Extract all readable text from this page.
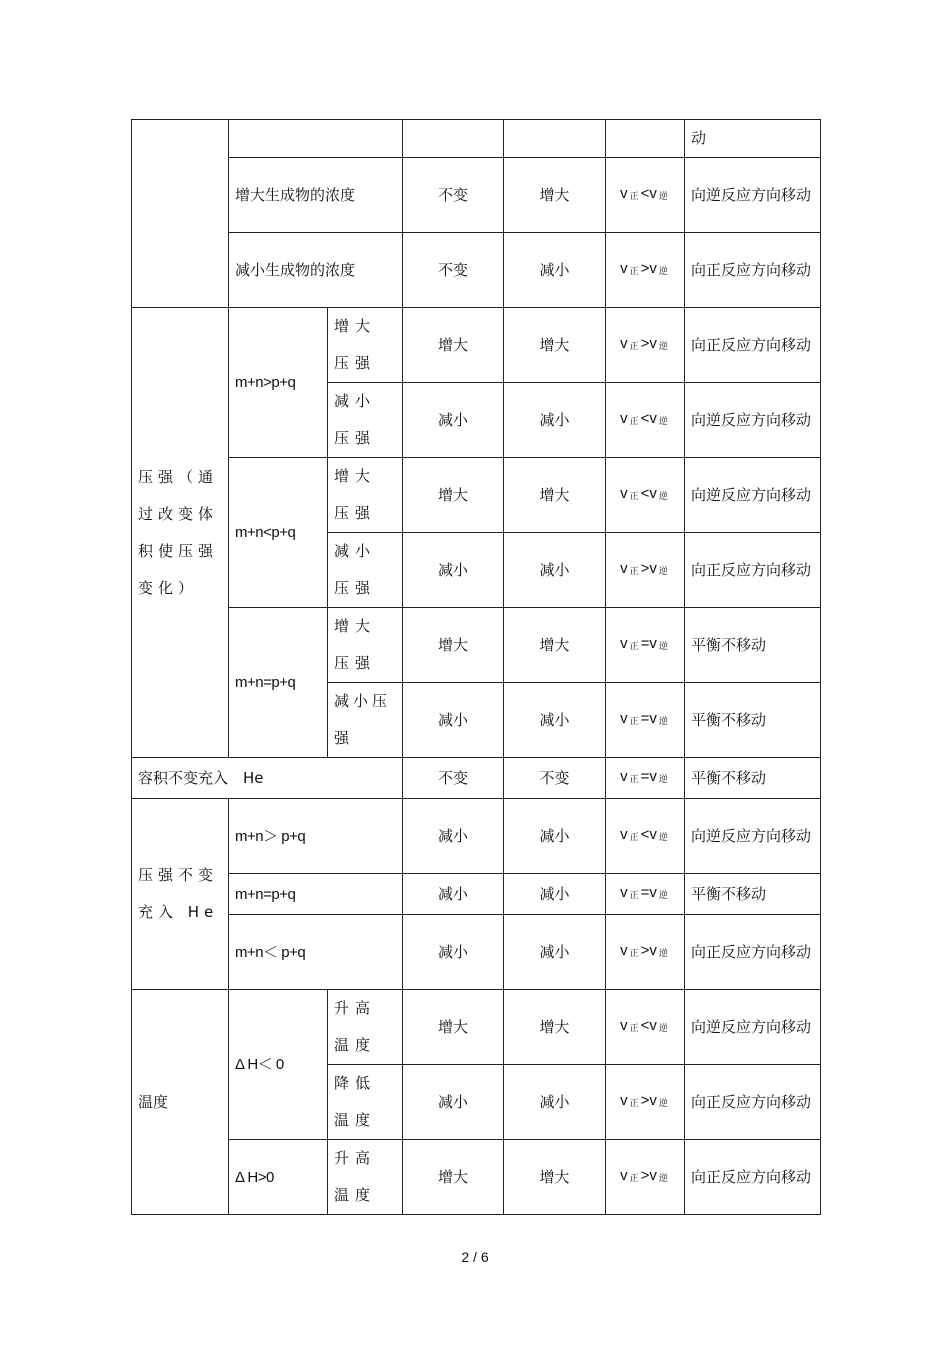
						动
	增大生成物的浓度		不变	增大	v 正 <v 逆	向逆反应方向移动
	减小生成物的浓度		不变	减小	v 正 >v 逆	向正反应方向移动
压强（通过改变体积使压强变化）	m+n>p+q	增大压强	增大	增大	v 正 >v 逆	向正反应方向移动
		减小压强	减小	减小	v 正 <v 逆	向逆反应方向移动
	m+n<p+q	增大压强	增大	增大	v 正 <v 逆	向逆反应方向移动
		减小压强	减小	减小	v 正 >v 逆	向正反应方向移动
	m+n=p+q	增大压强	增大	增大	v 正 =v 逆	平衡不移动
		减小压强	减小	减小	v 正 =v 逆	平衡不移动
容积不变充入　He			不变	不变	v 正 =v 逆	平衡不移动
压强不变充入 He	m+n＞ p+q		减小	减小	v 正 <v 逆	向逆反应方向移动
	m+n=p+q		减小	减小	v 正 =v 逆	平衡不移动
	m+n＜ p+q		减小	减小	v 正 >v 逆	向正反应方向移动
温度	Δ H＜ 0	升高温度	增大	增大	v 正 <v 逆	向逆反应方向移动
		降低温度	减小	减小	v 正 >v 逆	向正反应方向移动
	Δ H>0	升高温度	增大	增大	v 正 >v 逆	向正反应方向移动
2 / 6
